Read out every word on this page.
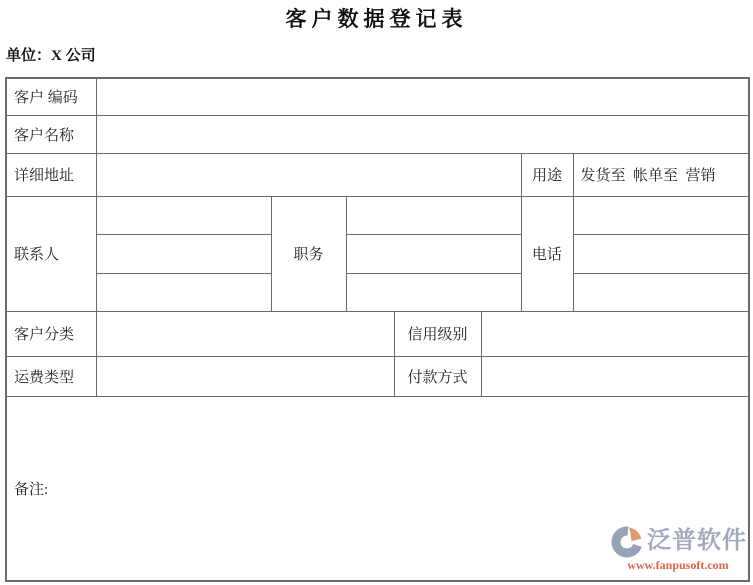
客户数据登记表
单位：X 公司
客户 编码							
客户名称							
详细地址						用途	发货至  帐单至  营销
联系人		职务				电话	

客户分类				信用级别			
运费类型				付款方式			
备注:							
泛普软件
www.fanpusoft.com
